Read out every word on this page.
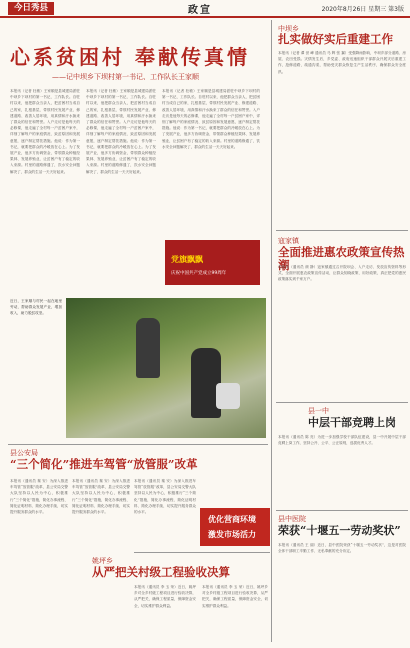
今日秀县	政宣	2020年8月26日 星期三 第3版
心系贫困村 奉献传真情
——记中坝乡下坝村第一书记、工作队长王家顺
本报讯（记者 杜敏）王家顺是县城建局派驻中坝乡下坝村的第一书记、工作队长。自驻村以来，他把群众当亲人，把贫困村当成自己的家，扎根基层，带领村民发展产业、修建道路、改善人居环境，用真情和汗水换来了群众的信任和赞誉。入户走访是他每天的必修课，他走遍了全村每一户贫困户家中，详细了解每户的家庭情况、致贫原因和发展意愿，逐户制定帮扶措施。他说：作为第一书记，就要把群众的冷暖放在心上。为了发展产业，他多方协调资金，带领群众种植经果林、发展养殖业，让贫困户有了稳定的收入来源。村里的道路修通了，饮水安全问题解决了，群众的生活一天天好起来。
本报讯（记者 杜敏）王家顺是县城建局派驻中坝乡下坝村的第一书记、工作队长。自驻村以来，他把群众当亲人，把贫困村当成自己的家，扎根基层，带领村民发展产业、修建道路、改善人居环境，用真情和汗水换来了群众的信任和赞誉。入户走访是他每天的必修课，他走遍了全村每一户贫困户家中，详细了解每户的家庭情况、致贫原因和发展意愿，逐户制定帮扶措施。他说：作为第一书记，就要把群众的冷暖放在心上。为了发展产业，他多方协调资金，带领群众种植经果林、发展养殖业，让贫困户有了稳定的收入来源。村里的道路修通了，饮水安全问题解决了，群众的生活一天天好起来。
本报讯（记者 杜敏）王家顺是县城建局派驻中坝乡下坝村的第一书记、工作队长。自驻村以来，他把群众当亲人，把贫困村当成自己的家，扎根基层，带领村民发展产业、修建道路、改善人居环境，用真情和汗水换来了群众的信任和赞誉。入户走访是他每天的必修课，他走遍了全村每一户贫困户家中，详细了解每户的家庭情况、致贫原因和发展意愿，逐户制定帮扶措施。他说：作为第一书记，就要把群众的冷暖放在心上。为了发展产业，他多方协调资金，带领群众种植经果林、发展养殖业，让贫困户有了稳定的收入来源。村里的道路修通了，饮水安全问题解决了，群众的生活一天天好起来。
党旗飘飘
庆祝中国共产党成立99周年
近日，王家顺与村民一起在地里劳动，帮助群众发展产业，增加收入，助力脱贫攻坚。
县公安局
“三个简化”推进车驾管“放管服”改革
本报讯（通讯员 秦 安）为深入推进车驾管“放管服”改革，县公安局交警大队坚持以人民为中心，积极推行“三个简化”措施，简化办事流程、简化证明材料、简化办理手续，切实提升服务群众的水平。
本报讯（通讯员 秦 安）为深入推进车驾管“放管服”改革，县公安局交警大队坚持以人民为中心，积极推行“三个简化”措施，简化办事流程、简化证明材料、简化办理手续，切实提升服务群众的水平。
本报讯（通讯员 秦 安）为深入推进车驾管“放管服”改革，县公安局交警大队坚持以人民为中心，积极推行“三个简化”措施，简化办事流程、简化证明材料、简化办理手续，切实提升服务群众的水平。
优化营商环境
激发市场活力
姚坪乡
从严把关村级工程验收决算
本报讯（通讯员 李 玉 荣）近日，姚坪乡对全乡村级工程项目进行验收决算，从严把关，确保工程质量，保障资金安全，切实维护群众利益。
本报讯（通讯员 李 玉 荣）近日，姚坪乡对全乡村级工程项目进行验收决算，从严把关，确保工程质量，保障资金安全，切实维护群众利益。
中坝乡
扎实做好实后重建工作
本报讯（记者 谭 世 峰 通讯员 马 辉 张 翼）受强降雨影响，中坝乡部分道路、房屋、农田受损。灾情发生后，乡党委、政府迅速组织干部群众开展灾后重建工作，抢修道路，疏通沟渠，帮助受灾群众恢复生产生活秩序，确保群众安全度汛。
寇家镇
全面推进惠农政策宣传热潮
本报讯（通讯员 颜 静）寇家镇通过召开院坝会、入户走访、发放宣传资料等形式，全面开展惠农政策宣传活动，让群众知晓政策、用好政策，真正把党的惠民政策落实到千家万户。
县一中
中层干部竞聘上岗
本报讯（通讯员 陈 亮）为进一步加强学校干部队伍建设，县一中开展中层干部竞聘上岗工作，坚持公开、公平、公正原则，选拔优秀人才。
县中医院
荣获“十堰五一劳动奖状”
本报讯（通讯员 王 丽）近日，县中医院荣获“十堰五一劳动奖状”，这是对医院全体干部职工辛勤工作、无私奉献的充分肯定。
